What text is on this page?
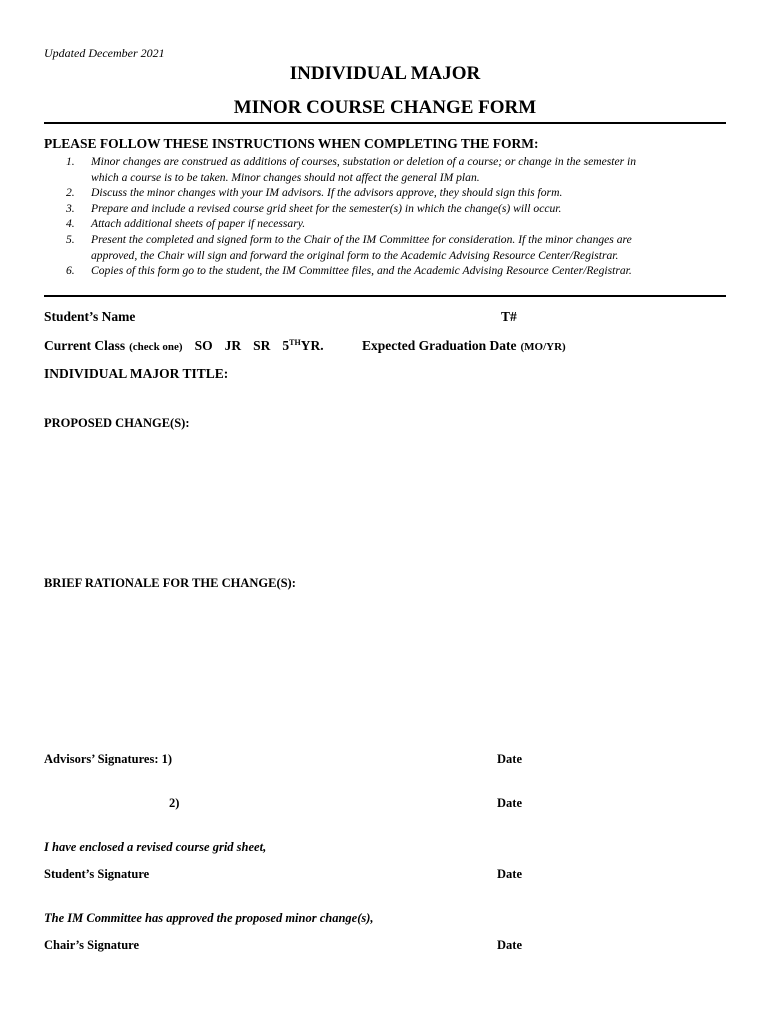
Updated December 2021
INDIVIDUAL MAJOR
MINOR COURSE CHANGE FORM
PLEASE FOLLOW THESE INSTRUCTIONS WHEN COMPLETING THE FORM:
1. Minor changes are construed as additions of courses, substation or deletion of a course; or change in the semester in
which a course is to be taken. Minor changes should not affect the general IM plan.
2. Discuss the minor changes with your IM advisors. If the advisors approve, they should sign this form.
3. Prepare and include a revised course grid sheet for the semester(s) in which the change(s) will occur.
4. Attach additional sheets of paper if necessary.
5. Present the completed and signed form to the Chair of the IM Committee for consideration. If the minor changes are
approved, the Chair will sign and forward the original form to the Academic Advising Resource Center/Registrar.
6. Copies of this form go to the student, the IM Committee files, and the Academic Advising Resource Center/Registrar.
Student’s Name	T#
Current Class (check one) SO JR SR 5THYR.	Expected Graduation Date (MO/YR)
INDIVIDUAL MAJOR TITLE:
PROPOSED CHANGE(S):
BRIEF RATIONALE FOR THE CHANGE(S):
Advisors’ Signatures: 1)	Date
2)	Date
I have enclosed a revised course grid sheet,
Student’s Signature	Date
The IM Committee has approved the proposed minor change(s),
Chair’s Signature	Date
